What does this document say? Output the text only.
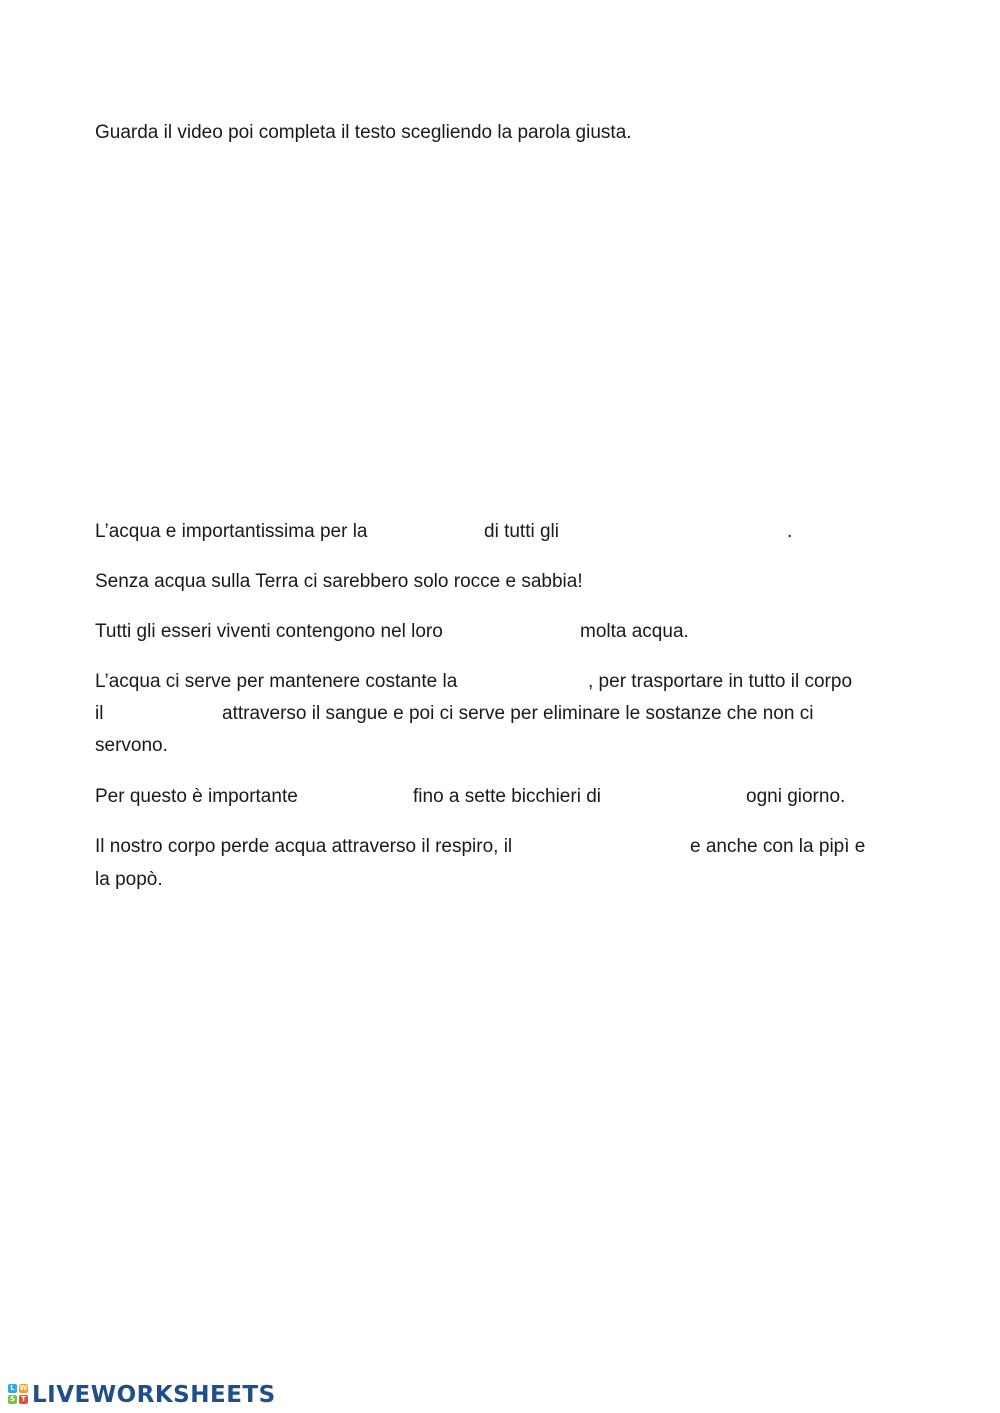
Guarda il video poi completa il testo scegliendo la parola giusta.
L’acqua e importantissima per la	di tutti gli	.
Senza acqua sulla Terra ci sarebbero solo rocce e sabbia!
Tutti gli esseri viventi contengono nel loro	molta acqua.
L’acqua ci serve per mantenere costante la	, per trasportare in tutto il corpo
il	attraverso il sangue e poi ci serve per eliminare le sostanze che non ci
servono.
Per questo è importante	fino a sette bicchieri di	ogni giorno.
Il nostro corpo perde acqua attraverso il respiro, il	e anche con la pipì e
la popò.
L W
S T LIVEWORKSHEETS
